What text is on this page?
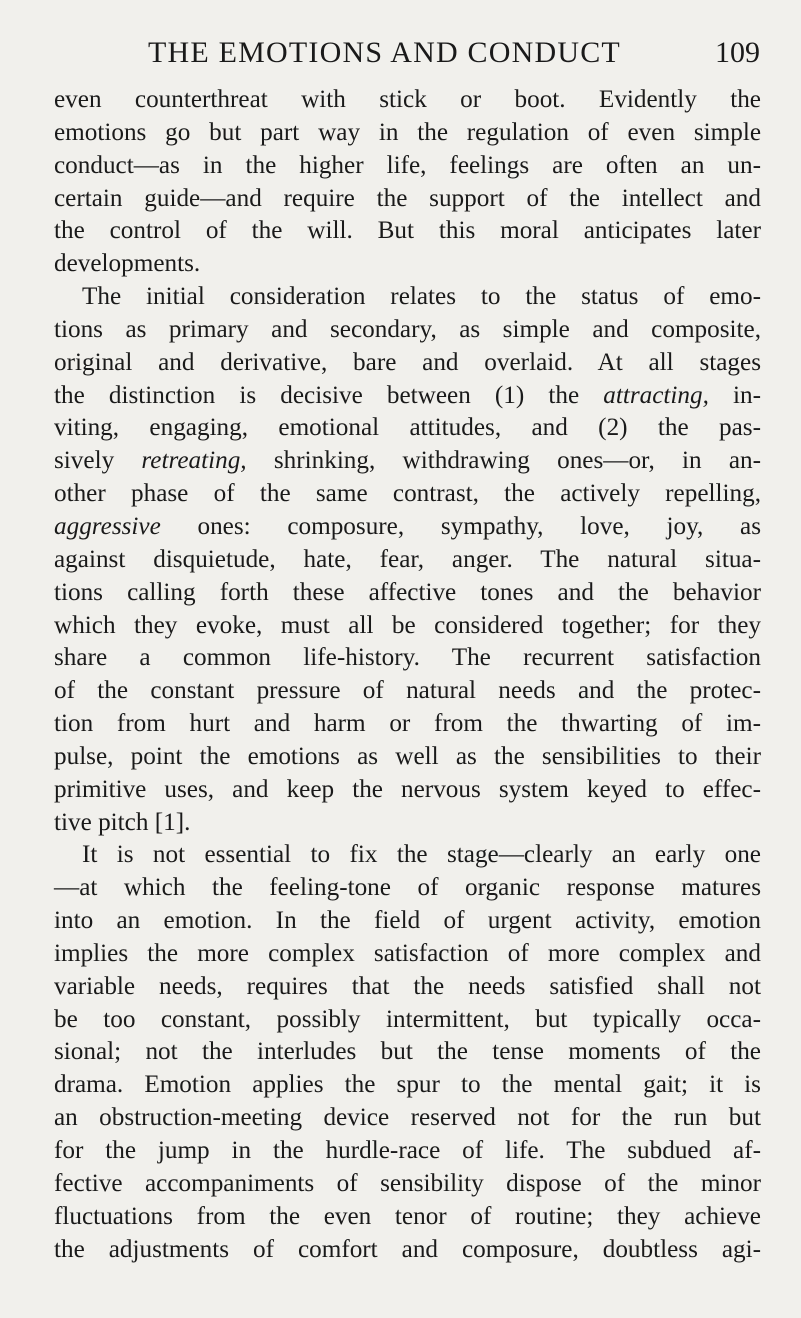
THE EMOTIONS AND CONDUCT	109
even counterthreat with stick or boot. Evidently the
emotions go but part way in the regulation of even simple
conduct—as in the higher life, feelings are often an un-
certain guide—and require the support of the intellect and
the control of the will. But this moral anticipates later
developments.
The initial consideration relates to the status of emo-
tions as primary and secondary, as simple and composite,
original and derivative, bare and overlaid. At all stages
the distinction is decisive between (1) the attracting, in-
viting, engaging, emotional attitudes, and (2) the pas-
sively retreating, shrinking, withdrawing ones—or, in an-
other phase of the same contrast, the actively repelling,
aggressive ones: composure, sympathy, love, joy, as
against disquietude, hate, fear, anger. The natural situa-
tions calling forth these affective tones and the behavior
which they evoke, must all be considered together; for they
share a common life-history. The recurrent satisfaction
of the constant pressure of natural needs and the protec-
tion from hurt and harm or from the thwarting of im-
pulse, point the emotions as well as the sensibilities to their
primitive uses, and keep the nervous system keyed to effec-
tive pitch [1].
It is not essential to fix the stage—clearly an early one
—at which the feeling-tone of organic response matures
into an emotion. In the field of urgent activity, emotion
implies the more complex satisfaction of more complex and
variable needs, requires that the needs satisfied shall not
be too constant, possibly intermittent, but typically occa-
sional; not the interludes but the tense moments of the
drama. Emotion applies the spur to the mental gait; it is
an obstruction-meeting device reserved not for the run but
for the jump in the hurdle-race of life. The subdued af-
fective accompaniments of sensibility dispose of the minor
fluctuations from the even tenor of routine; they achieve
the adjustments of comfort and composure, doubtless agi-
